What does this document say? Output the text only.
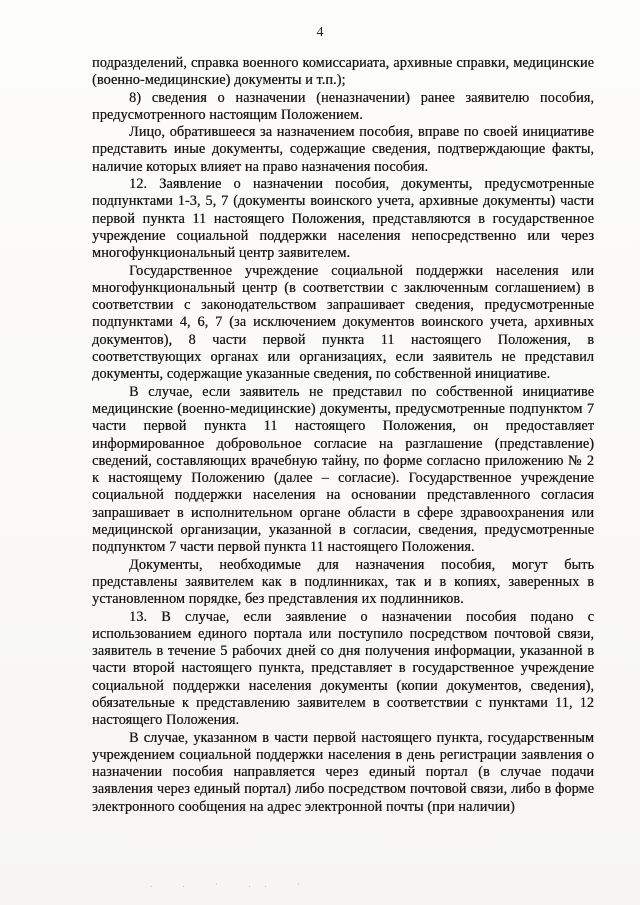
4

подразделений, справка военного комиссариата, архивные справки, медицинские (военно-медицинские) документы и т.п.);

8) сведения о назначении (неназначении) ранее заявителю пособия, предусмотренного настоящим Положением.

Лицо, обратившееся за назначением пособия, вправе по своей инициативе представить иные документы, содержащие сведения, подтверждающие факты, наличие которых влияет на право назначения пособия.

12. Заявление о назначении пособия, документы, предусмотренные подпунктами 1-3, 5, 7 (документы воинского учета, архивные документы) части первой пункта 11 настоящего Положения, представляются в государственное учреждение социальной поддержки населения непосредственно или через многофункциональный центр заявителем.

Государственное учреждение социальной поддержки населения или многофункциональный центр (в соответствии с заключенным соглашением) в соответствии с законодательством запрашивает сведения, предусмотренные подпунктами 4, 6, 7 (за исключением документов воинского учета, архивных документов), 8 части первой пункта 11 настоящего Положения, в соответствующих органах или организациях, если заявитель не представил документы, содержащие указанные сведения, по собственной инициативе.

В случае, если заявитель не представил по собственной инициативе медицинские (военно-медицинские) документы, предусмотренные подпунктом 7 части первой пункта 11 настоящего Положения, он предоставляет информированное добровольное согласие на разглашение (представление) сведений, составляющих врачебную тайну, по форме согласно приложению № 2 к настоящему Положению (далее – согласие). Государственное учреждение социальной поддержки населения на основании представленного согласия запрашивает в исполнительном органе области в сфере здравоохранения или медицинской организации, указанной в согласии, сведения, предусмотренные подпунктом 7 части первой пункта 11 настоящего Положения.

Документы, необходимые для назначения пособия, могут быть представлены заявителем как в подлинниках, так и в копиях, заверенных в установленном порядке, без представления их подлинников.

13. В случае, если заявление о назначении пособия подано с использованием единого портала или поступило посредством почтовой связи, заявитель в течение 5 рабочих дней со дня получения информации, указанной в части второй настоящего пункта, представляет в государственное учреждение социальной поддержки населения документы (копии документов, сведения), обязательные к представлению заявителем в соответствии с пунктами 11, 12 настоящего Положения.

В случае, указанном в части первой настоящего пункта, государственным учреждением социальной поддержки населения в день регистрации заявления о назначении пособия направляется через единый портал (в случае подачи заявления через единый портал) либо посредством почтовой связи, либо в форме электронного сообщения на адрес электронной почты (при наличии)

. . · .. ·
